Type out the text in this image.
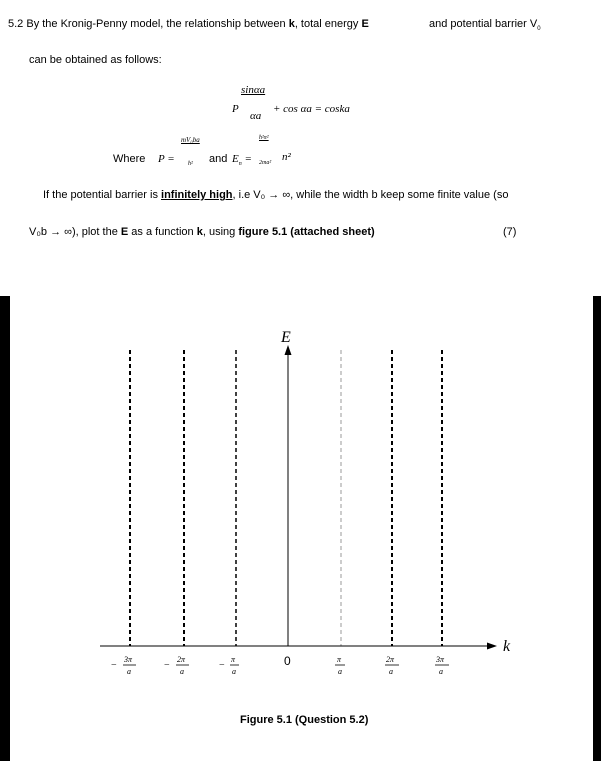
5.2 By the Kronig-Penny model, the relationship between k, total energy E	and potential barrier $V_0$
can be obtained as follows:
P
sinαa
αa
+ cos αa = coska
Where P =
mV₀ba
ħ² and $E_n$ =
ħ²π²
2ma² n²
If the potential barrier is infinitely high, i.e V₀ → ∞, while the width b keep some finite value (so
V₀b → ∞), plot the E as a function k, using figure 5.1 (attached sheet)	(7)
E
k
0
−
3π
a
−
2π
a
−
π
a
π
a
2π
a
3π
a
Figure 5.1 (Question 5.2)
